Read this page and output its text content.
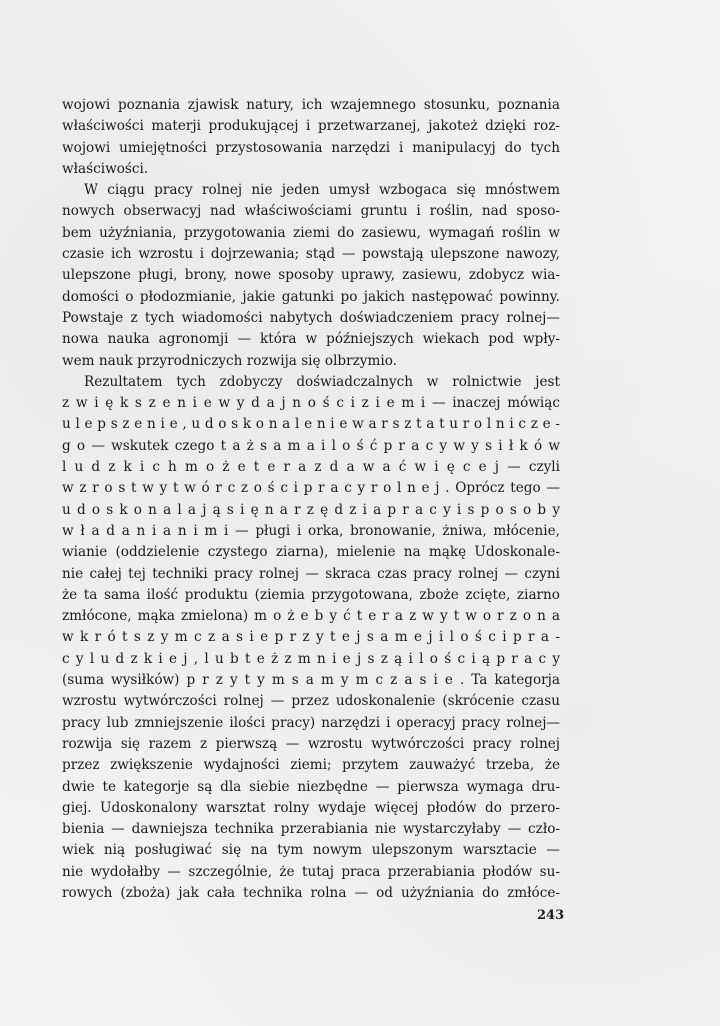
wojowi poznania zjawisk natury, ich wzajemnego stosunku, poznania
właściwości materji produkującej i przetwarzanej, jakoteż dzięki roz-
wojowi umiejętności przystosowania narzędzi i manipulacyj do tych
właściwości.
W ciągu pracy rolnej nie jeden umysł wzbogaca się mnóstwem
nowych obserwacyj nad właściwościami gruntu i roślin, nad sposo-
bem użyźniania, przygotowania ziemi do zasiewu, wymagań roślin w
czasie ich wzrostu i dojrzewania; stąd — powstają ulepszone nawozy,
ulepszone pługi, brony, nowe sposoby uprawy, zasiewu, zdobycz wia-
domości o płodozmianie, jakie gatunki po jakich następować powinny.
Powstaje z tych wiadomości nabytych doświadczeniem pracy rolnej—
nowa nauka agronomji — która w późniejszych wiekach pod wpły-
wem nauk przyrodniczych rozwija się olbrzymio.
Rezultatem tych zdobyczy doświadczalnych w rolnictwie jest
z w i ę k s z e n i e w y d a j n o ś c i z i e m i — inaczej mówiąc
u l e p s z e n i e , u d o s k o n a l e n i e w a r s z t a t u r o l n i c z e -
g o — wskutek czego t a ż s a m a i l o ś ć p r a c y w y s i ł k ó w
l u d z k i c h m o ż e t e r a z d a w a ć w i ę c e j — czyli
w z r o s t w y t w ó r c z o ś c i p r a c y r o l n e j . Oprócz tego —
u d o s k o n a l a j ą s i ę n a r z ę d z i a p r a c y i s p o s o b y
w ł a d a n i a n i m i — pługi i orka, bronowanie, żniwa, młócenie,
wianie (oddzielenie czystego ziarna), mielenie na mąkę Udoskonale-
nie całej tej techniki pracy rolnej — skraca czas pracy rolnej — czyni
że ta sama ilość produktu (ziemia przygotowana, zboże zcięte, ziarno
zmłócone, mąka zmielona) m o ż e b y ć t e r a z w y t w o r z o n a
w k r ó t s z y m c z a s i e p r z y t e j s a m e j i l o ś c i p r a -
c y l u d z k i e j , l u b t e ż z m n i e j s z ą i l o ś c i ą p r a c y
(suma wysiłków) p r z y t y m s a m y m c z a s i e . Ta kategorja
wzrostu wytwórczości rolnej — przez udoskonalenie (skrócenie czasu
pracy lub zmniejszenie ilości pracy) narzędzi i operacyj pracy rolnej—
rozwija się razem z pierwszą — wzrostu wytwórczości pracy rolnej
przez zwiększenie wydajności ziemi; przytem zauważyć trzeba, że
dwie te kategorje są dla siebie niezbędne — pierwsza wymaga dru-
giej. Udoskonalony warsztat rolny wydaje więcej płodów do przero-
bienia — dawniejsza technika przerabiania nie wystarczyłaby — czło-
wiek nią posługiwać się na tym nowym ulepszonym warsztacie —
nie wydołałby — szczególnie, że tutaj praca przerabiania płodów su-
rowych (zboża) jak cała technika rolna — od użyźniania do zmłóce-
243
